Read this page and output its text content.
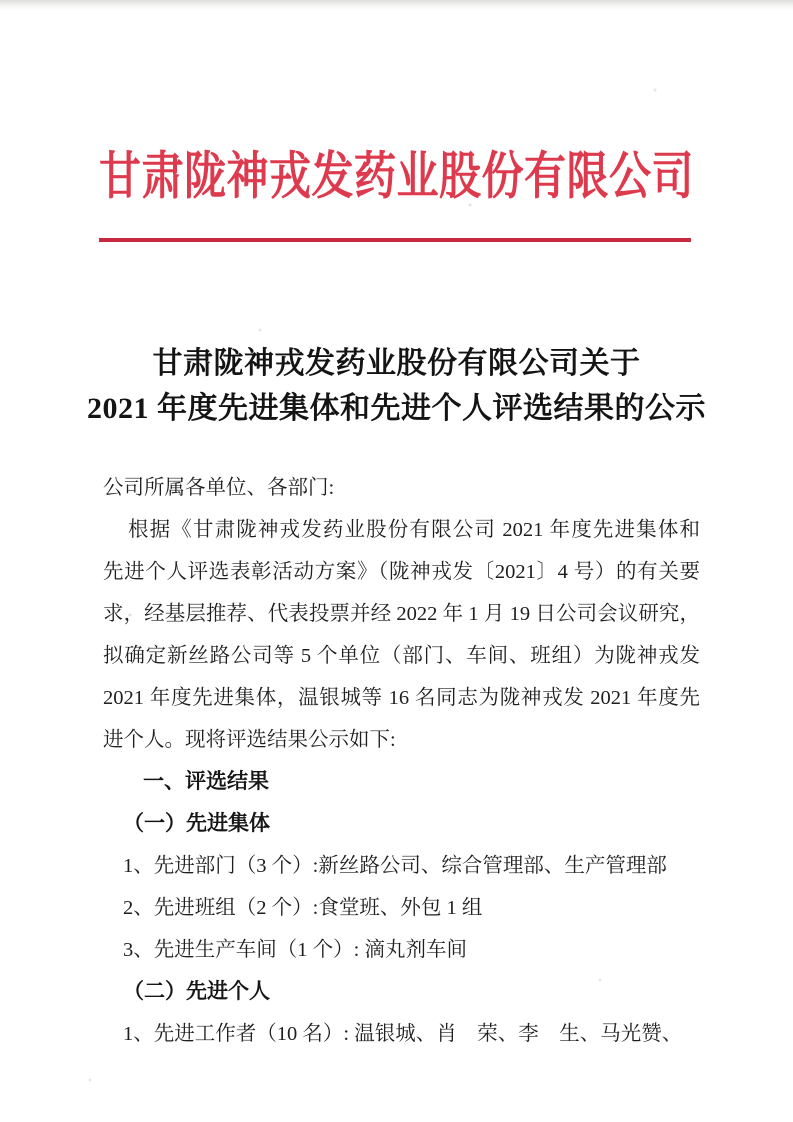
甘肃陇神戎发药业股份有限公司
甘肃陇神戎发药业股份有限公司关于
2021 年度先进集体和先进个人评选结果的公示
公司所属各单位、各部门:
根据《甘肃陇神戎发药业股份有限公司 2021 年度先进集体和
先进个人评选表彰活动方案》（陇神戎发〔2021〕4 号）的有关要
求，经基层推荐、代表投票并经 2022 年 1 月 19 日公司会议研究，
拟确定新丝路公司等 5 个单位（部门、车间、班组）为陇神戎发
2021 年度先进集体，温银城等 16 名同志为陇神戎发 2021 年度先
进个人。现将评选结果公示如下:
一、评选结果
（一）先进集体
1、先进部门（3 个）:新丝路公司、综合管理部、生产管理部
2、先进班组（2 个）:食堂班、外包 1 组
3、先进生产车间（1 个）: 滴丸剂车间
（二）先进个人
1、先进工作者（10 名）: 温银城、肖　荣、李　生、马光赞、
